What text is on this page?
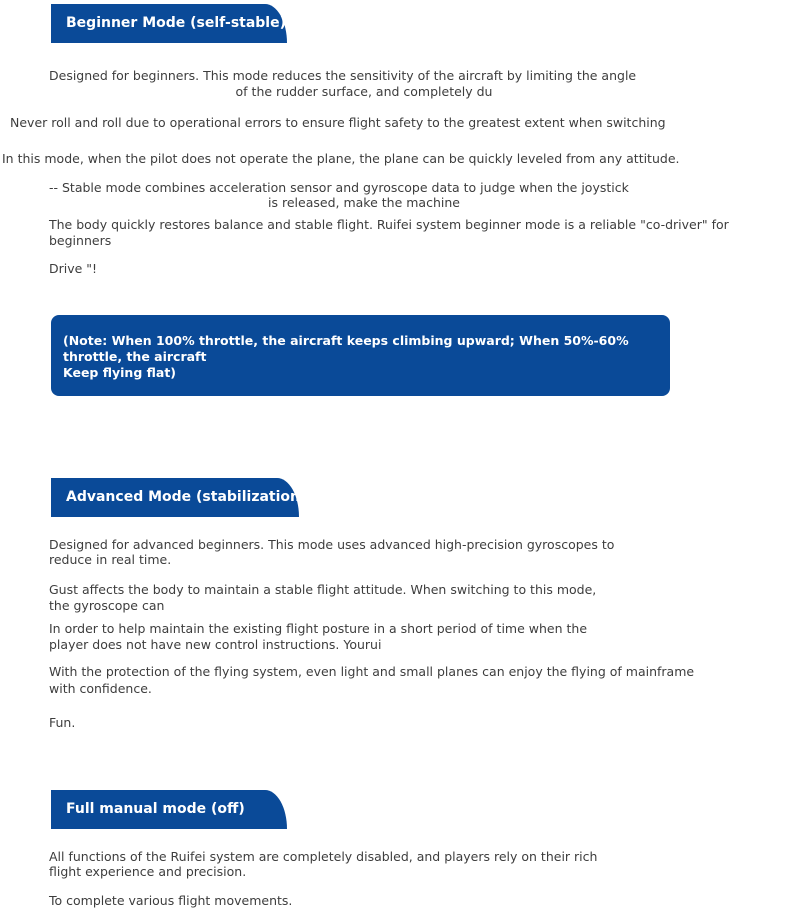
Beginner Mode (self-stable)
Designed for beginners. This mode reduces the sensitivity of the aircraft by limiting the angle
of the rudder surface, and completely du
Never roll and roll due to operational errors to ensure flight safety to the greatest extent when switching
In this mode, when the pilot does not operate the plane, the plane can be quickly leveled from any attitude.
-- Stable mode combines acceleration sensor and gyroscope data to judge when the joystick
is released, make the machine
The body quickly restores balance and stable flight. Ruifei system beginner mode is a reliable "co-driver" for
beginners
Drive "!
(Note: When 100% throttle, the aircraft keeps climbing upward; When 50%-60%
throttle, the aircraft
Keep flying flat)
Advanced Mode (stabilization)
Designed for advanced beginners. This mode uses advanced high-precision gyroscopes to
reduce in real time.
Gust affects the body to maintain a stable flight attitude. When switching to this mode,
the gyroscope can
In order to help maintain the existing flight posture in a short period of time when the
player does not have new control instructions. Yourui
With the protection of the flying system, even light and small planes can enjoy the flying of mainframe
with confidence.
Fun.
Full manual mode (off)
All functions of the Ruifei system are completely disabled, and players rely on their rich
flight experience and precision.
To complete various flight movements.
